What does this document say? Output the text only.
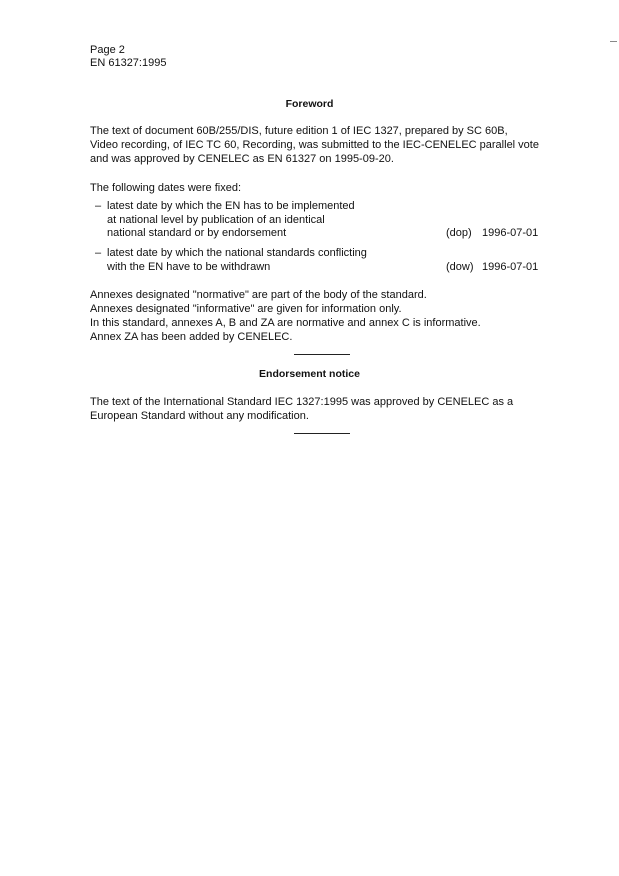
Page 2
EN 61327:1995
Foreword
The text of document 60B/255/DIS, future edition 1 of IEC 1327, prepared by SC 60B,
Video recording, of IEC TC 60, Recording, was submitted to the IEC-CENELEC parallel vote
and was approved by CENELEC as EN 61327 on 1995-09-20.
The following dates were fixed:
– latest date by which the EN has to be implemented
at national level by publication of an identical
national standard or by endorsement	(dop) 1996-07-01
– latest date by which the national standards conflicting
with the EN have to be withdrawn	(dow) 1996-07-01
Annexes designated "normative" are part of the body of the standard.
Annexes designated "informative" are given for information only.
In this standard, annexes A, B and ZA are normative and annex C is informative.
Annex ZA has been added by CENELEC.
Endorsement notice
The text of the International Standard IEC 1327:1995 was approved by CENELEC as a
European Standard without any modification.
